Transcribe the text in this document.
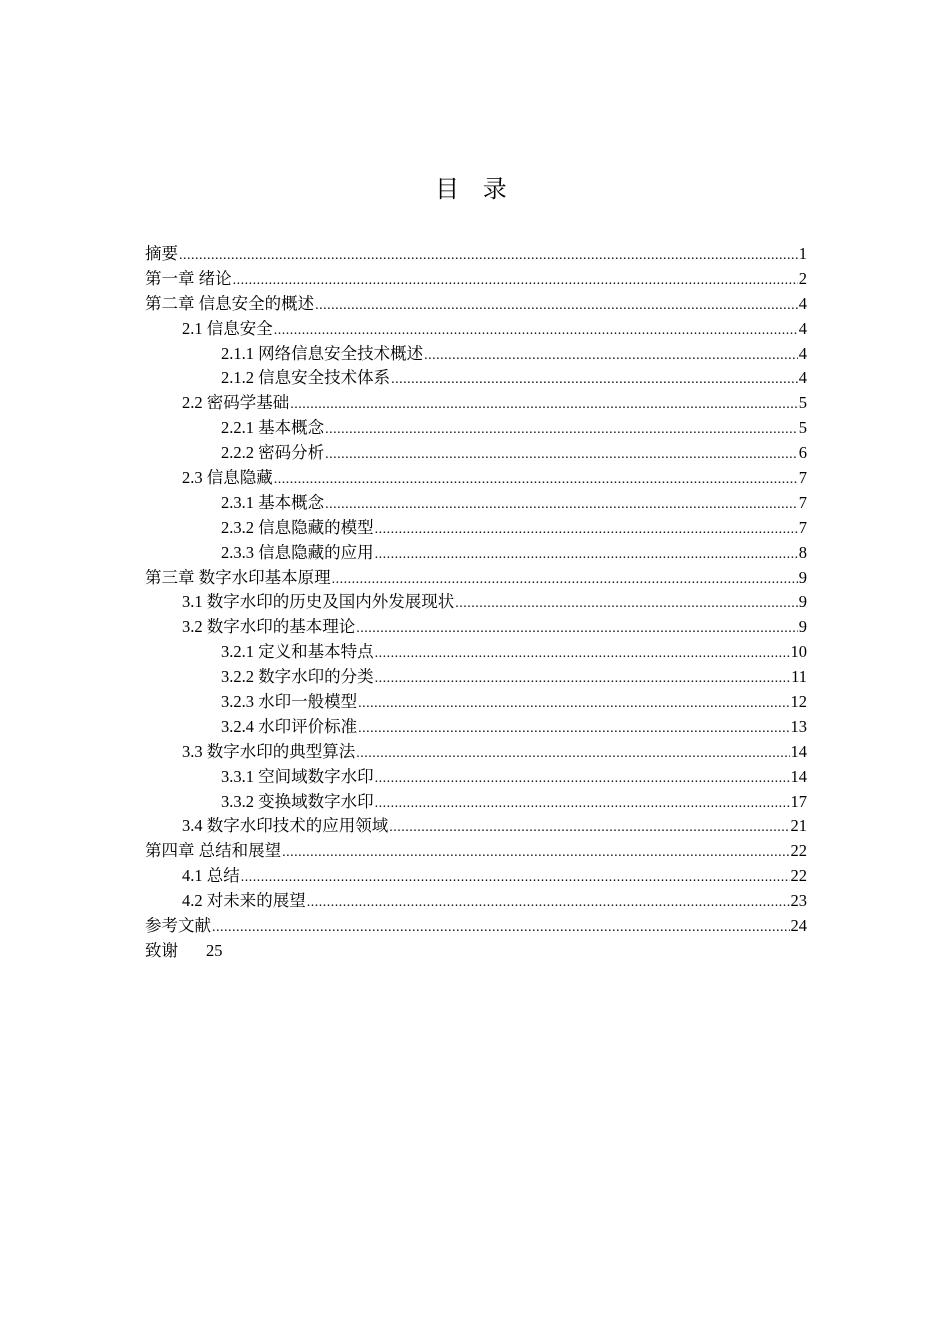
目 录
摘要 .....	1
第一章 绪论 .....	2
第二章 信息安全的概述 .....	4
2.1 信息安全 .....	4
2.1.1 网络信息安全技术概述 .....	4
2.1.2 信息安全技术体系 .....	4
2.2 密码学基础 .....	5
2.2.1 基本概念 .....	5
2.2.2 密码分析 .....	6
2.3 信息隐藏 .....	7
2.3.1 基本概念 .....	7
2.3.2 信息隐藏的模型 .....	7
2.3.3 信息隐藏的应用 .....	8
第三章 数字水印基本原理 .....	9
3.1 数字水印的历史及国内外发展现状 .....	9
3.2 数字水印的基本理论 .....	9
3.2.1 定义和基本特点 .....	10
3.2.2 数字水印的分类 .....	11
3.2.3 水印一般模型 .....	12
3.2.4 水印评价标准 .....	13
3.3 数字水印的典型算法 .....	14
3.3.1 空间域数字水印 .....	14
3.3.2 变换域数字水印 .....	17
3.4 数字水印技术的应用领域 .....	21
第四章 总结和展望 .....	22
4.1 总结 .....	22
4.2 对未来的展望 .....	23
参考文献 .....	24
致谢 25
